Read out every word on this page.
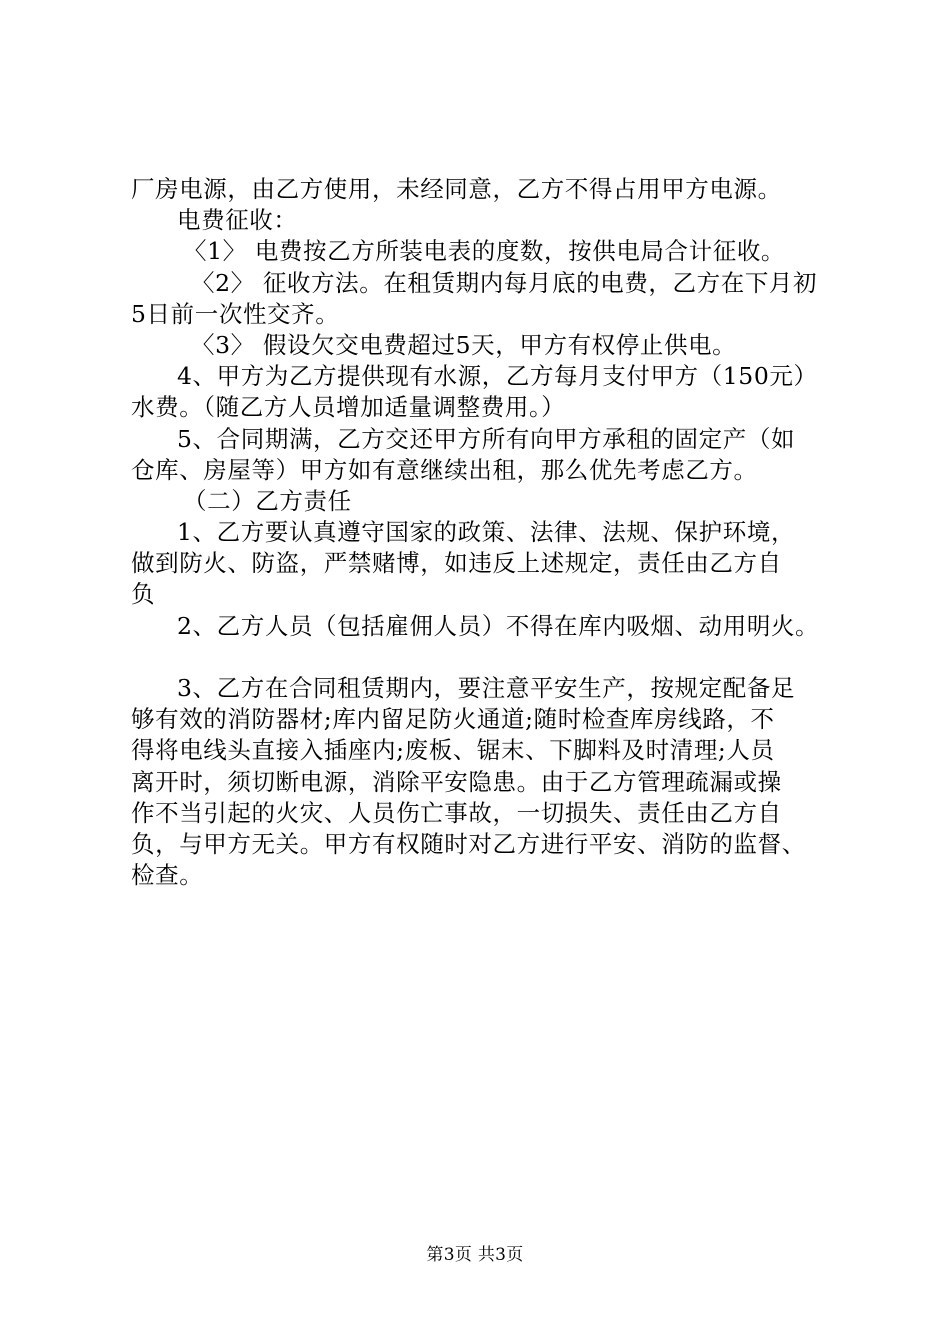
厂房电源，由乙方使用，未经同意，乙方不得占用甲方电源。
电费征收：
〈1〉 电费按乙方所装电表的度数，按供电局合计征收。
〈2〉 征收方法。在租赁期内每月底的电费，乙方在下月初
5日前一次性交齐。
〈3〉 假设欠交电费超过5天，甲方有权停止供电。
4、甲方为乙方提供现有水源，乙方每月支付甲方（150元）
水费。（随乙方人员增加适量调整费用。）
5、合同期满，乙方交还甲方所有向甲方承租的固定产（如
仓库、房屋等）甲方如有意继续出租，那么优先考虑乙方。
（二）乙方责任
1、乙方要认真遵守国家的政策、法律、法规、保护环境，
做到防火、防盗，严禁赌博，如违反上述规定，责任由乙方自
负
2、乙方人员（包括雇佣人员）不得在库内吸烟、动用明火。
3、乙方在合同租赁期内，要注意平安生产，按规定配备足
够有效的消防器材;库内留足防火通道;随时检查库房线路，不
得将电线头直接入插座内;废板、锯末、下脚料及时清理;人员
离开时，须切断电源，消除平安隐患。由于乙方管理疏漏或操
作不当引起的火灾、人员伤亡事故，一切损失、责任由乙方自
负，与甲方无关。甲方有权随时对乙方进行平安、消防的监督、
检查。
第3页 共3页
